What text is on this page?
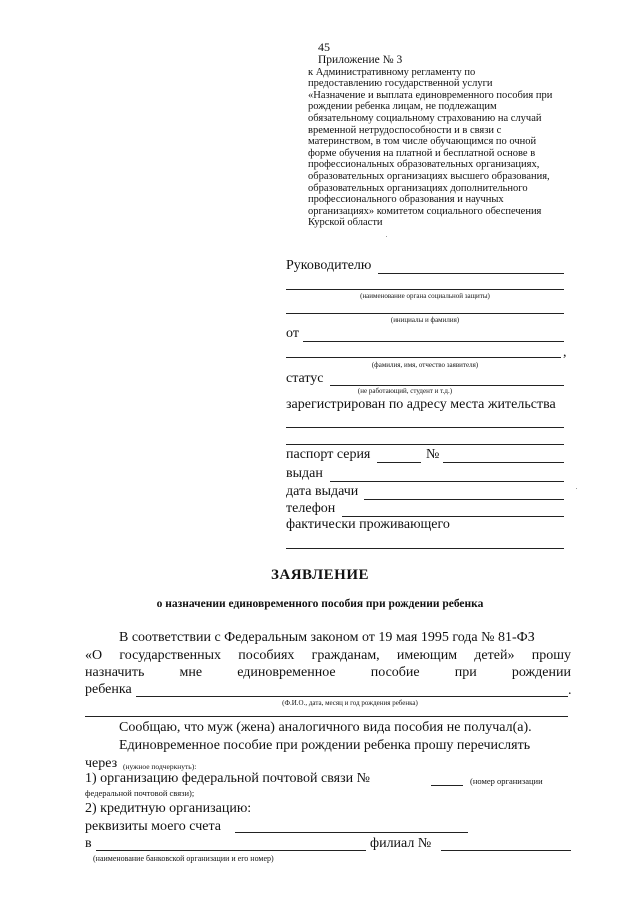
45
Приложение № 3
к Административному регламенту по
предоставлению государственной услуги
«Назначение и выплата единовременного пособия при
рождении ребенка лицам, не подлежащим
обязательному социальному страхованию на случай
временной нетрудоспособности и в связи с
материнством, в том числе обучающимся по очной
форме обучения на платной и бесплатной основе в
профессиональных образовательных организациях,
образовательных организациях высшего образования,
образовательных организациях дополнительного
профессионального образования и научных
организациях» комитетом социального обеспечения
Курской области
Руководителю
(наименование органа социальной защиты)
(инициалы и фамилия)
от
,
(фамилия, имя, отчество заявителя)
статус
(не работающий, студент и т.д.)
зарегистрирован по адресу места жительства
паспорт серия	№
выдан
дата выдачи
телефон
фактически проживающего
ЗАЯВЛЕНИЕ
о назначении единовременного пособия при рождении ребенка
В соответствии с Федеральным законом от 19 мая 1995 года № 81-ФЗ
«О государственных пособиях гражданам, имеющим детей» прошу
назначить	мне	единовременное	пособие	при	рождении
ребенка	.
(Ф.И.О., дата, месяц и год рождения ребенка)
Сообщаю, что муж (жена) аналогичного вида пособия не получал(а).
Единовременное пособие при рождении ребенка прошу перечислять
через (нужное подчеркнуть):
1) организацию федеральной почтовой связи №	(номер организации
федеральной почтовой связи);
2) кредитную организацию:
реквизиты моего счета
в	филиал №
(наименование банковской организации и его номер)
